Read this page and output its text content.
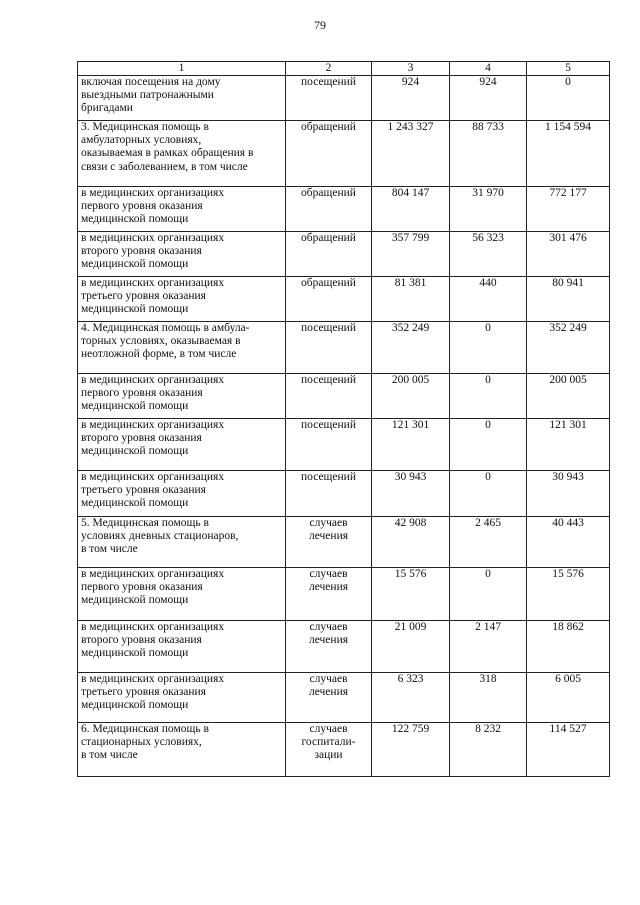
79
1	2	3	4	5
включая посещения на дому
выездными патронажными
бригадами	посещений	924	924	0
3. Медицинская помощь в
амбулаторных условиях,
оказываемая в рамках обращения в
связи с заболеванием, в том числе	обращений	1 243 327	88 733	1 154 594
в медицинских организациях
первого уровня оказания
медицинской помощи	обращений	804 147	31 970	772 177
в медицинских организациях
второго уровня оказания
медицинской помощи	обращений	357 799	56 323	301 476
в медицинских организациях
третьего уровня оказания
медицинской помощи	обращений	81 381	440	80 941
4. Медицинская помощь в амбула-
торных условиях, оказываемая в
неотложной форме, в том числе	посещений	352 249	0	352 249
в медицинских организациях
первого уровня оказания
медицинской помощи	посещений	200 005	0	200 005
в медицинских организациях
второго уровня оказания
медицинской помощи	посещений	121 301	0	121 301
в медицинских организациях
третьего уровня оказания
медицинской помощи	посещений	30 943	0	30 943
5. Медицинская помощь в
условиях дневных стационаров,
в том числе	случаев
лечения	42 908	2 465	40 443
в медицинских организациях
первого уровня оказания
медицинской помощи	случаев
лечения	15 576	0	15 576
в медицинских организациях
второго уровня оказания
медицинской помощи	случаев
лечения	21 009	2 147	18 862
в медицинских организациях
третьего уровня оказания
медицинской помощи	случаев
лечения	6 323	318	6 005
6. Медицинская помощь в
стационарных условиях,
в том числе	случаев
госпитали-
зации	122 759	8 232	114 527
